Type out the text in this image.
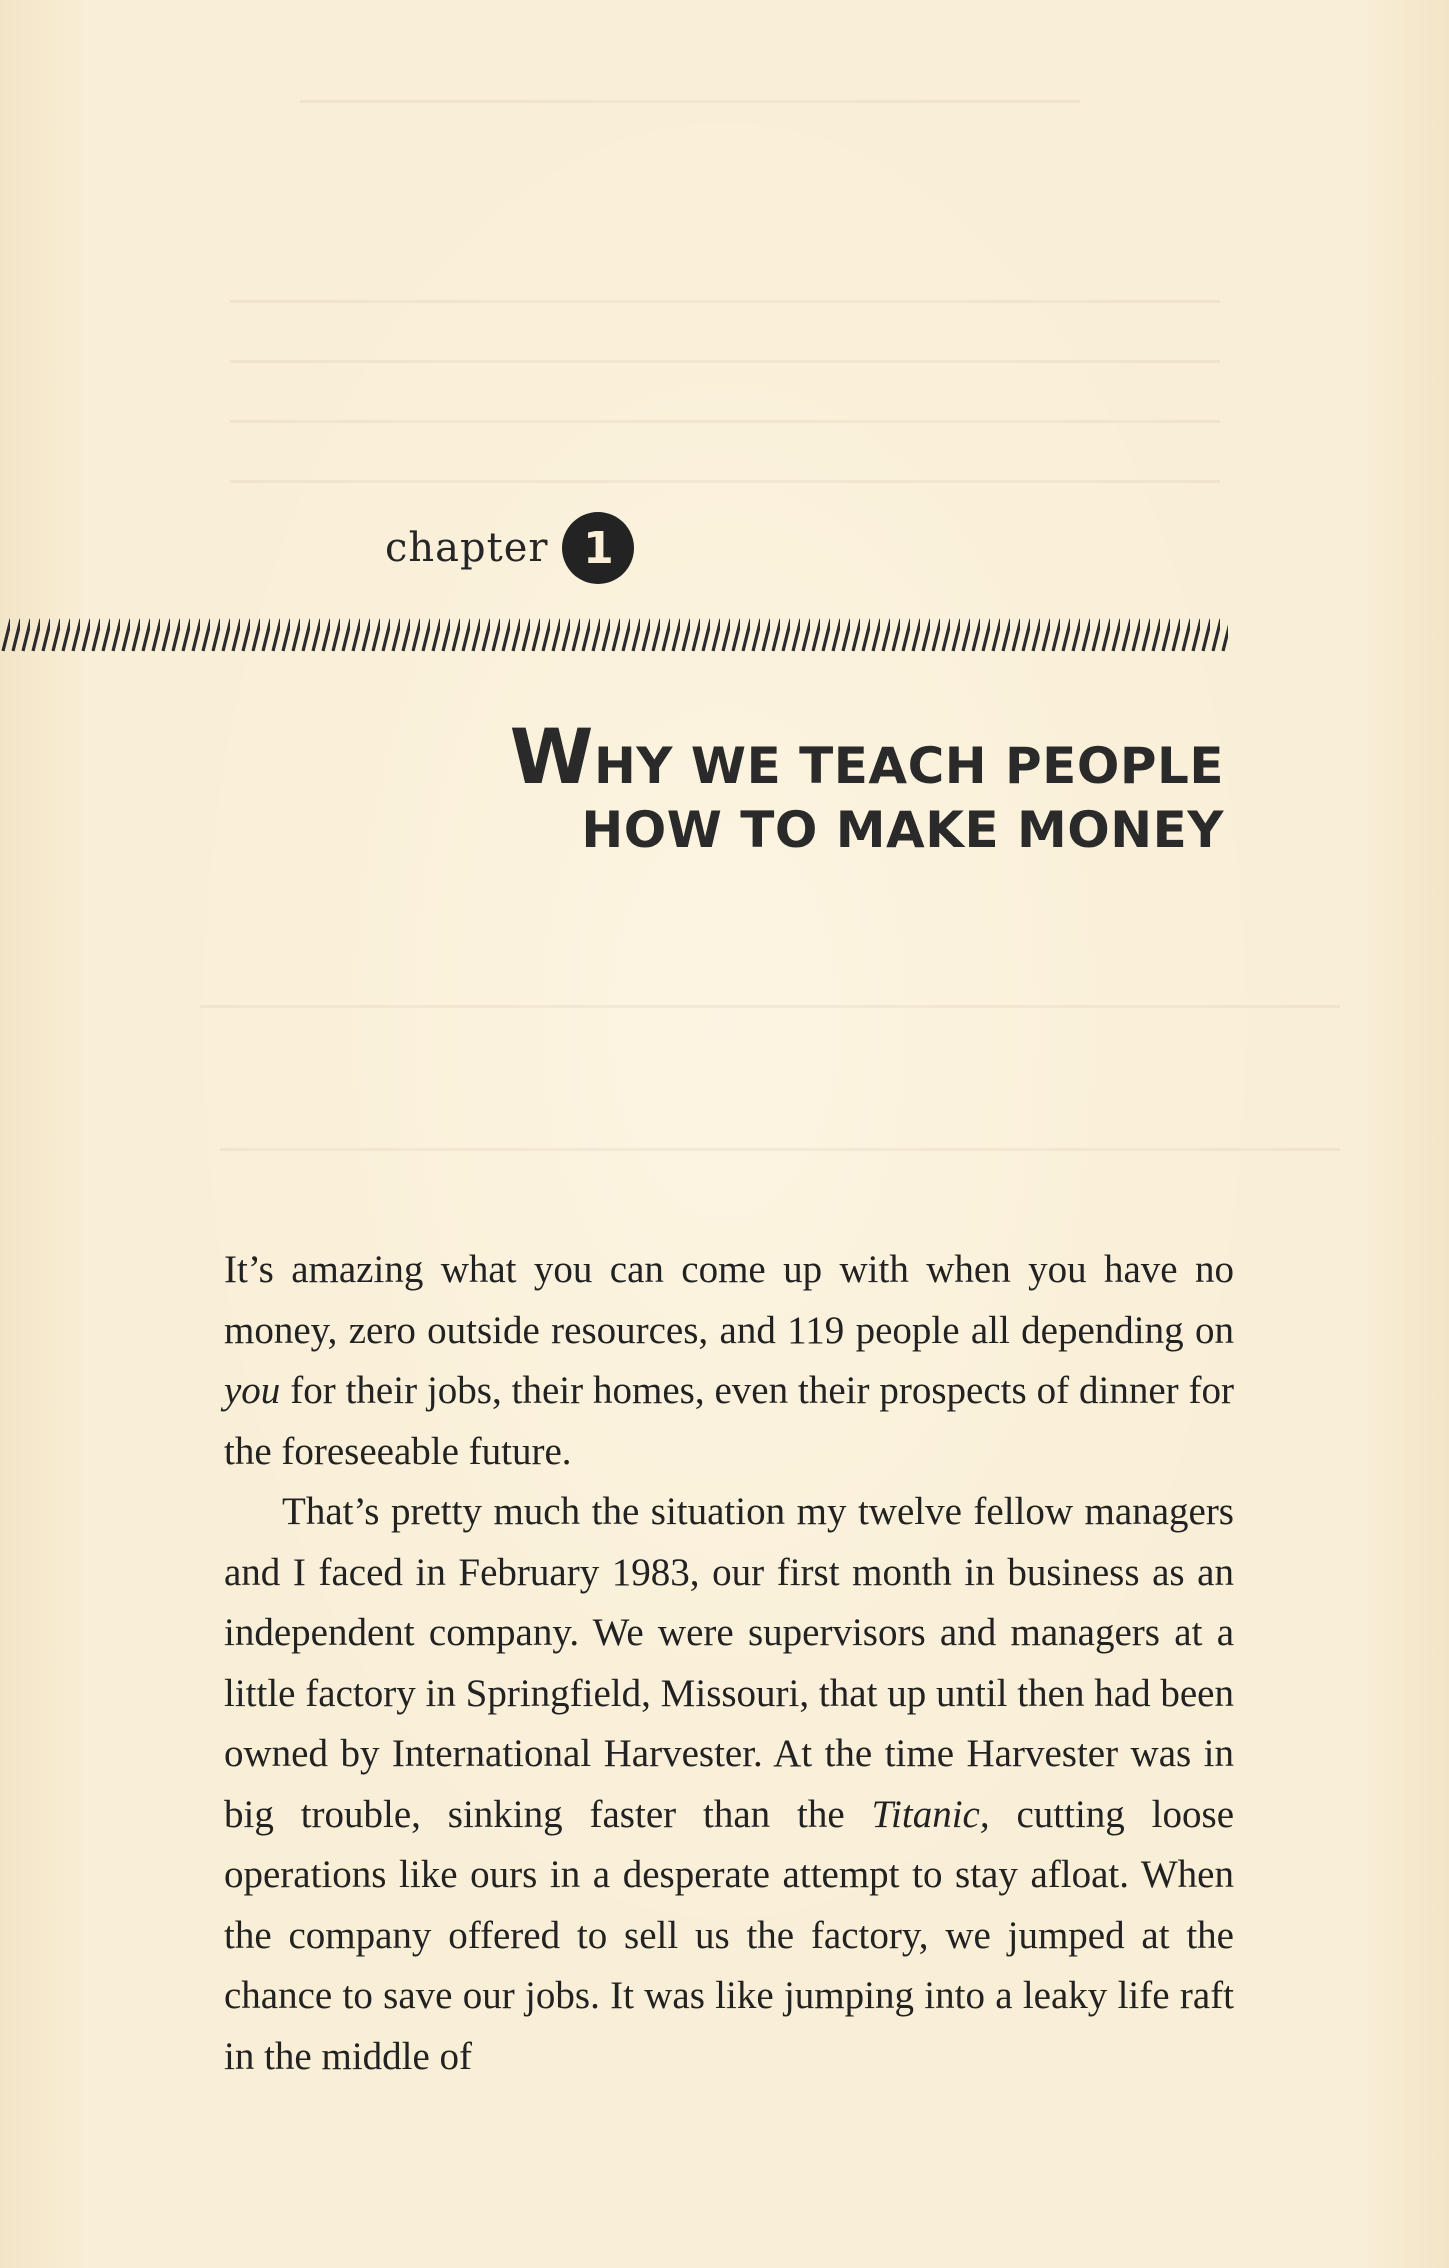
chapter 1
WHY WE TEACH PEOPLE
HOW TO MAKE MONEY

It’s amazing what you can come up with when you have no money, zero outside resources, and 119 people all depending on you for their jobs, their homes, even their prospects of dinner for the foreseeable future.

That’s pretty much the situation my twelve fellow managers and I faced in February 1983, our first month in business as an independent company. We were supervisors and managers at a little factory in Springfield, Missouri, that up until then had been owned by International Harvester. At the time Harvester was in big trouble, sinking faster than the Titanic, cutting loose operations like ours in a desperate attempt to stay afloat. When the company offered to sell us the factory, we jumped at the chance to save our jobs. It was like jumping into a leaky life raft in the middle of
